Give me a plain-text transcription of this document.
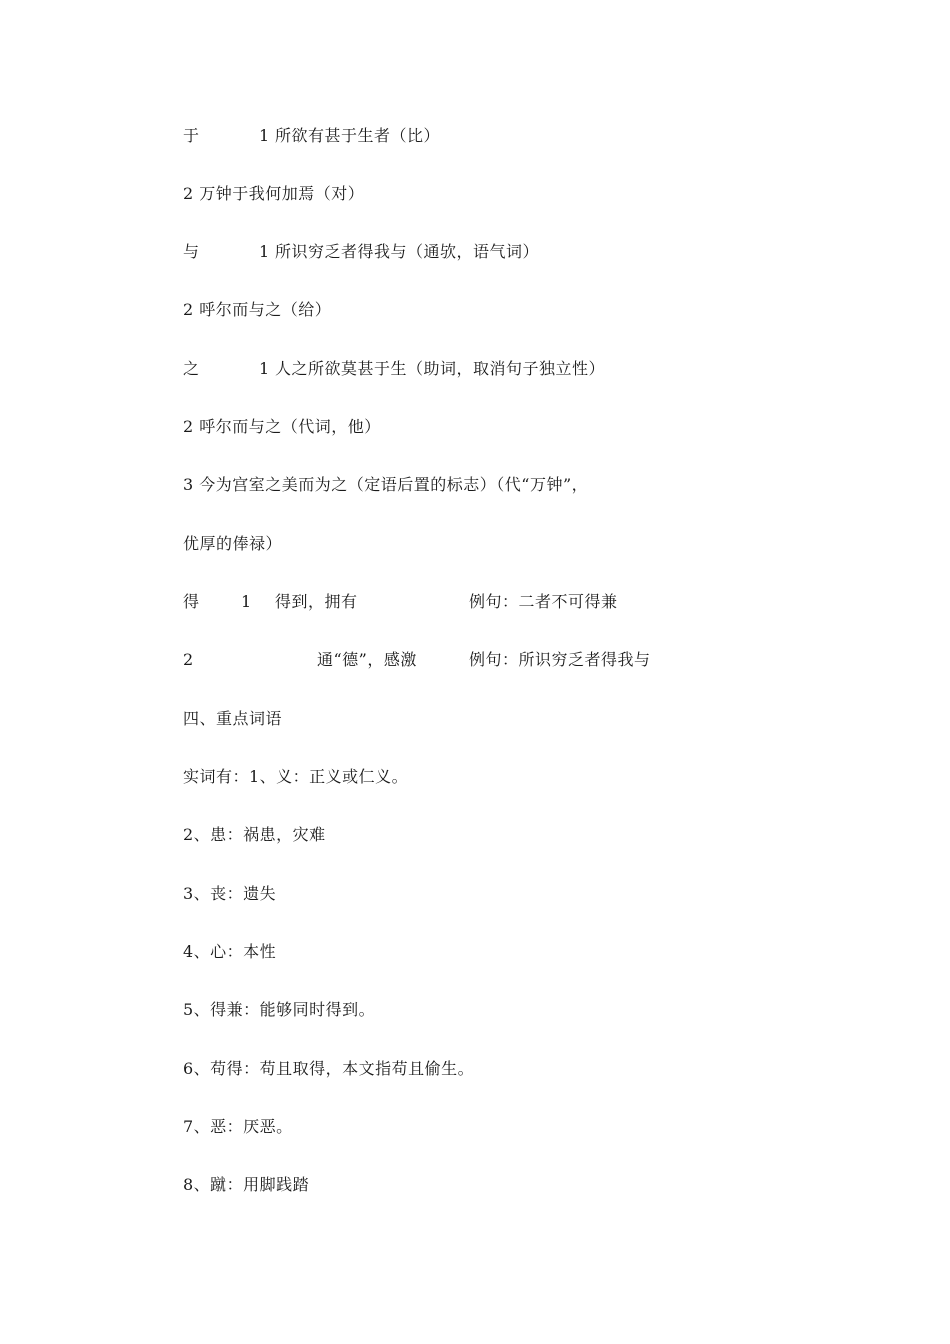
于	1 所欲有甚于生者（比）
2 万钟于我何加焉（对）
与	1 所识穷乏者得我与（通欤，语气词）
2 呼尔而与之（给）
之	1 人之所欲莫甚于生（助词，取消句子独立性）
2 呼尔而与之（代词，他）
3 今为宫室之美而为之（定语后置的标志）（代“万钟”，
优厚的俸禄）
得	1 得到，拥有	例句：二者不可得兼
2	通“德”，感激	例句：所识穷乏者得我与
四、重点词语
实词有：1、义：正义或仁义。
2、患：祸患，灾难
3、丧：遗失
4、心：本性
5、得兼：能够同时得到。
6、苟得：苟且取得，本文指苟且偷生。
7、恶：厌恶。
8、蹴：用脚践踏
